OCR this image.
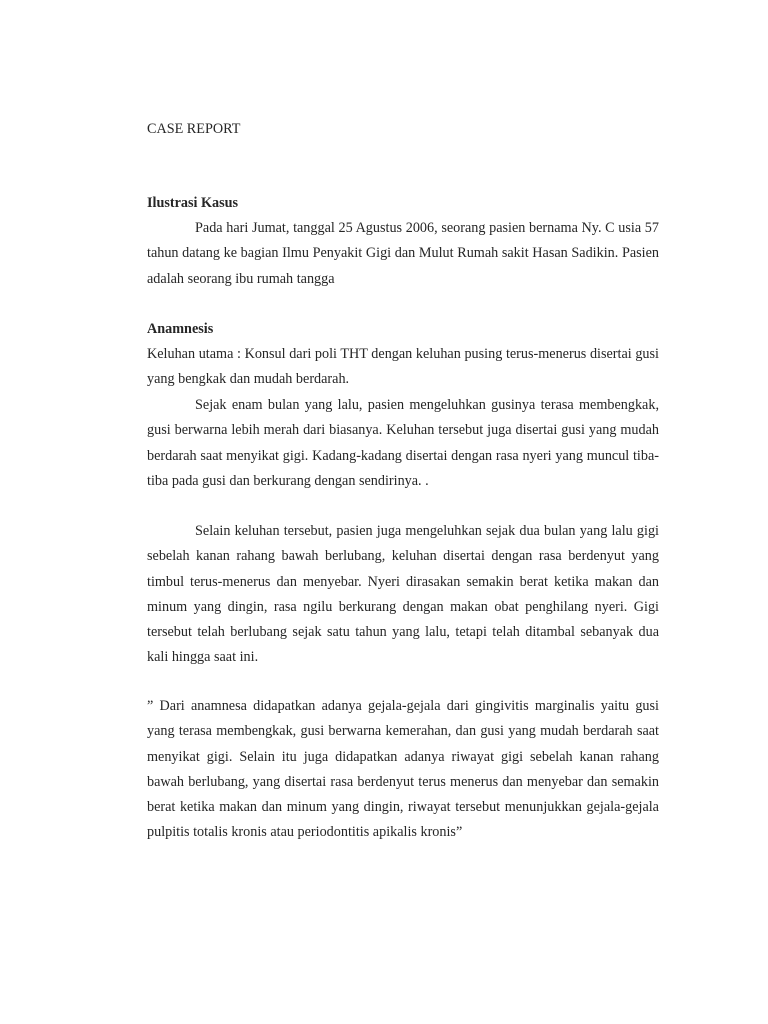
CASE REPORT
Ilustrasi Kasus

Pada hari Jumat, tanggal 25 Agustus 2006, seorang pasien bernama Ny. C usia 57 tahun datang ke bagian Ilmu Penyakit Gigi dan Mulut Rumah sakit Hasan Sadikin. Pasien adalah seorang ibu rumah tangga

Anamnesis

Keluhan utama : Konsul dari poli THT dengan keluhan pusing terus-menerus disertai gusi yang bengkak dan mudah berdarah.

Sejak enam bulan yang lalu, pasien mengeluhkan gusinya terasa membengkak, gusi berwarna lebih merah dari biasanya. Keluhan tersebut juga disertai gusi yang mudah berdarah saat menyikat gigi. Kadang-kadang disertai dengan rasa nyeri yang muncul tiba-tiba pada gusi dan berkurang dengan sendirinya. .

Selain keluhan tersebut, pasien juga mengeluhkan sejak dua bulan yang lalu gigi sebelah kanan rahang bawah berlubang, keluhan disertai dengan rasa berdenyut yang timbul terus-menerus dan menyebar. Nyeri dirasakan semakin berat ketika makan dan minum yang dingin, rasa ngilu berkurang dengan makan obat penghilang nyeri. Gigi tersebut telah berlubang sejak satu tahun yang lalu, tetapi telah ditambal sebanyak dua kali hingga saat ini.

” Dari anamnesa didapatkan adanya gejala-gejala dari gingivitis marginalis yaitu gusi yang terasa membengkak, gusi berwarna kemerahan, dan gusi yang mudah berdarah saat menyikat gigi. Selain itu juga didapatkan adanya riwayat gigi sebelah kanan rahang bawah berlubang, yang disertai rasa berdenyut terus menerus dan menyebar dan semakin berat ketika makan dan minum yang dingin, riwayat tersebut menunjukkan gejala-gejala pulpitis totalis kronis atau periodontitis apikalis kronis”
